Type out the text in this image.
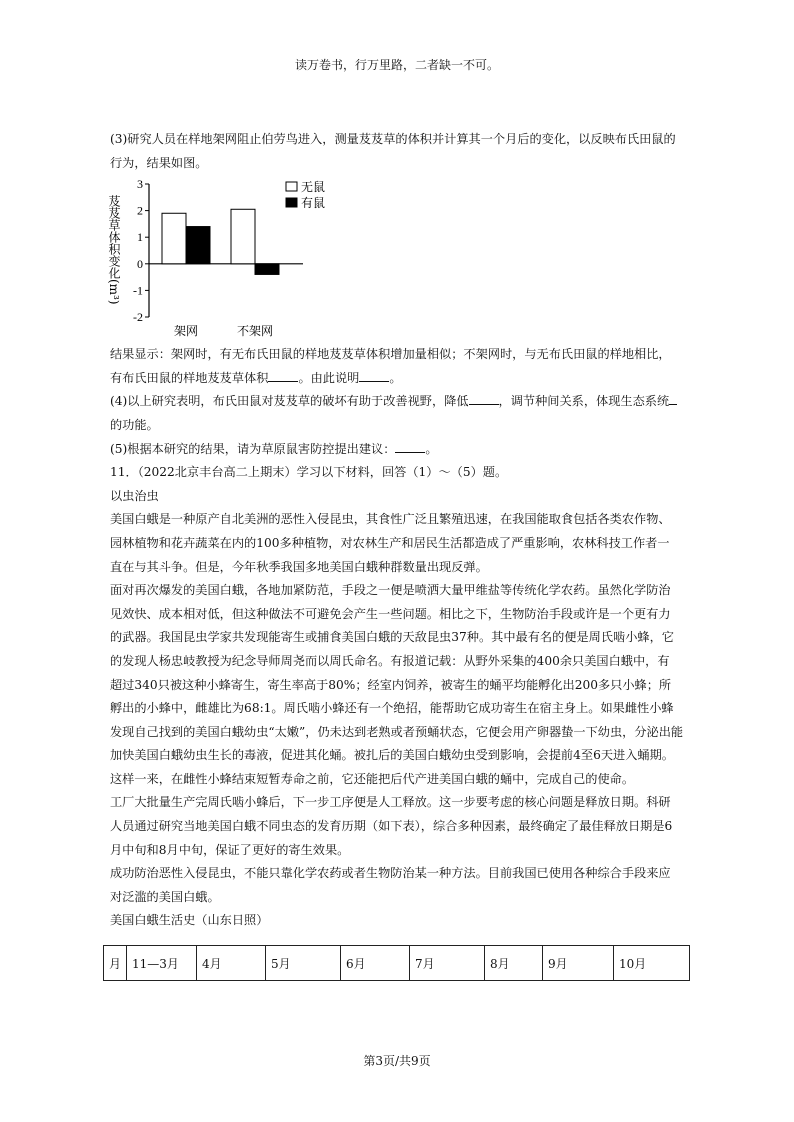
读万卷书，行万里路，二者缺一不可。

(3)研究人员在样地架网阻止伯劳鸟进入，测量芨芨草的体积并计算其一个月后的变化，以反映布氏田鼠的

行为，结果如图。

3
2
1
0
-1
-2
芨芨草体积变化(m³)
架网	不架网
无鼠
有鼠

结果显示：架网时，有无布氏田鼠的样地芨芨草体积增加量相似；不架网时，与无布氏田鼠的样地相比，

有布氏田鼠的样地芨芨草体积 。由此说明 。

(4)以上研究表明，布氏田鼠对芨芨草的破坏有助于改善视野，降低 ，调节种间关系，体现生态系统

的功能。

(5)根据本研究的结果，请为草原鼠害防控提出建议： 。

11．（2022北京丰台高二上期末）学习以下材料，回答（1）～（5）题。

以虫治虫

美国白蛾是一种原产自北美洲的恶性入侵昆虫，其食性广泛且繁殖迅速，在我国能取食包括各类农作物、

园林植物和花卉蔬菜在内的100多种植物，对农林生产和居民生活都造成了严重影响，农林科技工作者一

直在与其斗争。但是，今年秋季我国多地美国白蛾种群数量出现反弹。

面对再次爆发的美国白蛾，各地加紧防范，手段之一便是喷洒大量甲维盐等传统化学农药。虽然化学防治

见效快、成本相对低，但这种做法不可避免会产生一些问题。相比之下，生物防治手段或许是一个更有力

的武器。我国昆虫学家共发现能寄生或捕食美国白蛾的天敌昆虫37种。其中最有名的便是周氏啮小蜂，它

的发现人杨忠岐教授为纪念导师周尧而以周氏命名。有报道记载：从野外采集的400余只美国白蛾中，有

超过340只被这种小蜂寄生，寄生率高于80%；经室内饲养，被寄生的蛹平均能孵化出200多只小蜂；所

孵出的小蜂中，雌雄比为68:1。周氏啮小蜂还有一个绝招，能帮助它成功寄生在宿主身上。如果雌性小蜂

发现自己找到的美国白蛾幼虫“太嫩”，仍未达到老熟或者预蛹状态，它便会用产卵器蛰一下幼虫，分泌出能

加快美国白蛾幼虫生长的毒液，促进其化蛹。被扎后的美国白蛾幼虫受到影响，会提前4至6天进入蛹期。

这样一来，在雌性小蜂结束短暂寿命之前，它还能把后代产进美国白蛾的蛹中，完成自己的使命。

工厂大批量生产完周氏啮小蜂后，下一步工序便是人工释放。这一步要考虑的核心问题是释放日期。科研

人员通过研究当地美国白蛾不同虫态的发育历期（如下表），综合多种因素，最终确定了最佳释放日期是6

月中旬和8月中旬，保证了更好的寄生效果。

成功防治恶性入侵昆虫，不能只靠化学农药或者生物防治某一种方法。目前我国已使用各种综合手段来应

对泛滥的美国白蛾。

美国白蛾生活史（山东日照）

月	11—3月	4月	5月	6月	7月	8月	9月	10月
第3页/共9页
